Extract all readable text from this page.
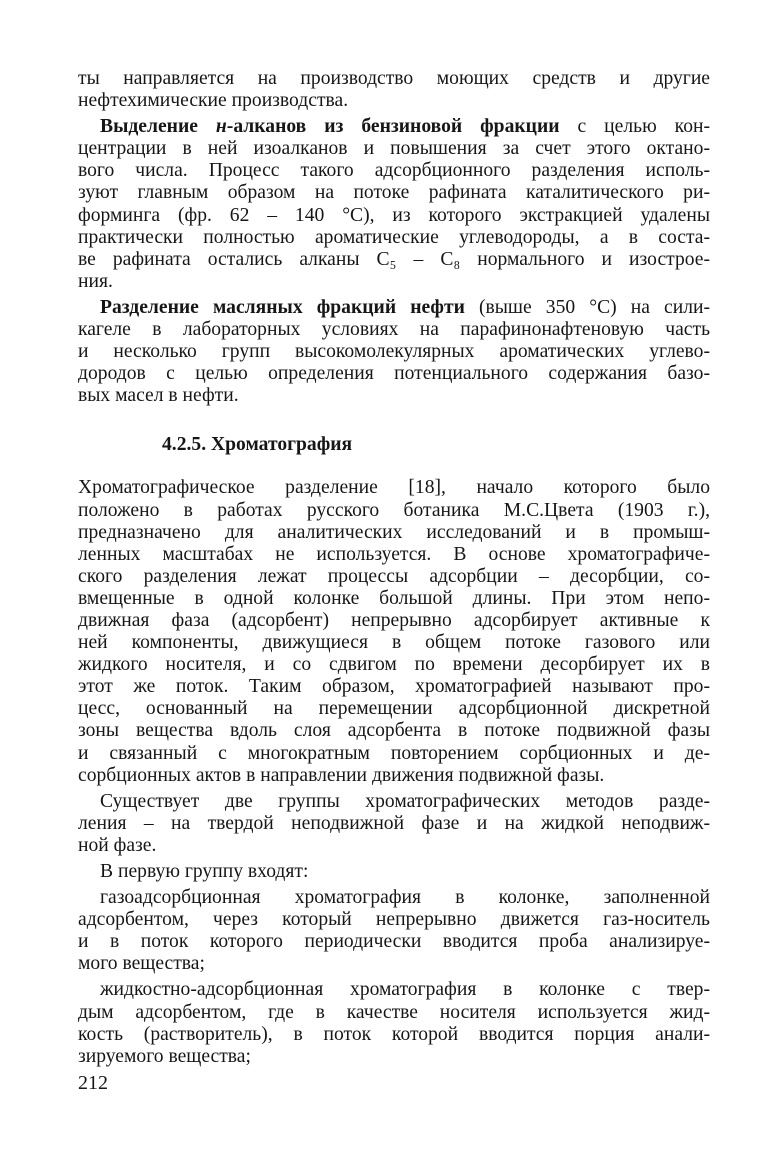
ты направляется на производство моющих средств и другие
нефтехимические производства.
Выделение н-алканов из бензиновой фракции с целью кон-
центрации в ней изоалканов и повышения за счет этого октано-
вого числа. Процесс такого адсорбционного разделения исполь-
зуют главным образом на потоке рафината каталитического ри-
форминга (фр. 62 – 140 °С), из которого экстракцией удалены
практически полностью ароматические углеводороды, а в соста-
ве рафината остались алканы С₅ – С₈ нормального и изострое-
ния.
Разделение масляных фракций нефти (выше 350 °С) на сили-
кагеле в лабораторных условиях на парафинонафтеновую часть
и несколько групп высокомолекулярных ароматических углево-
дородов с целью определения потенциального содержания базо-
вых масел в нефти.
4.2.5. Хроматография
Хроматографическое разделение [18], начало которого было
положено в работах русского ботаника М.С.Цвета (1903 г.),
предназначено для аналитических исследований и в промыш-
ленных масштабах не используется. В основе хроматографиче-
ского разделения лежат процессы адсорбции – десорбции, со-
вмещенные в одной колонке большой длины. При этом непо-
движная фаза (адсорбент) непрерывно адсорбирует активные к
ней компоненты, движущиеся в общем потоке газового или
жидкого носителя, и со сдвигом по времени десорбирует их в
этот же поток. Таким образом, хроматографией называют про-
цесс, основанный на перемещении адсорбционной дискретной
зоны вещества вдоль слоя адсорбента в потоке подвижной фазы
и связанный с многократным повторением сорбционных и де-
сорбционных актов в направлении движения подвижной фазы.
Существует две группы хроматографических методов разде-
ления – на твердой неподвижной фазе и на жидкой неподвиж-
ной фазе.
В первую группу входят:
газоадсорбционная хроматография в колонке, заполненной
адсорбентом, через который непрерывно движется газ-носитель
и в поток которого периодически вводится проба анализируе-
мого вещества;
жидкостно-адсорбционная хроматография в колонке с твер-
дым адсорбентом, где в качестве носителя используется жид-
кость (растворитель), в поток которой вводится порция анали-
зируемого вещества;
212
